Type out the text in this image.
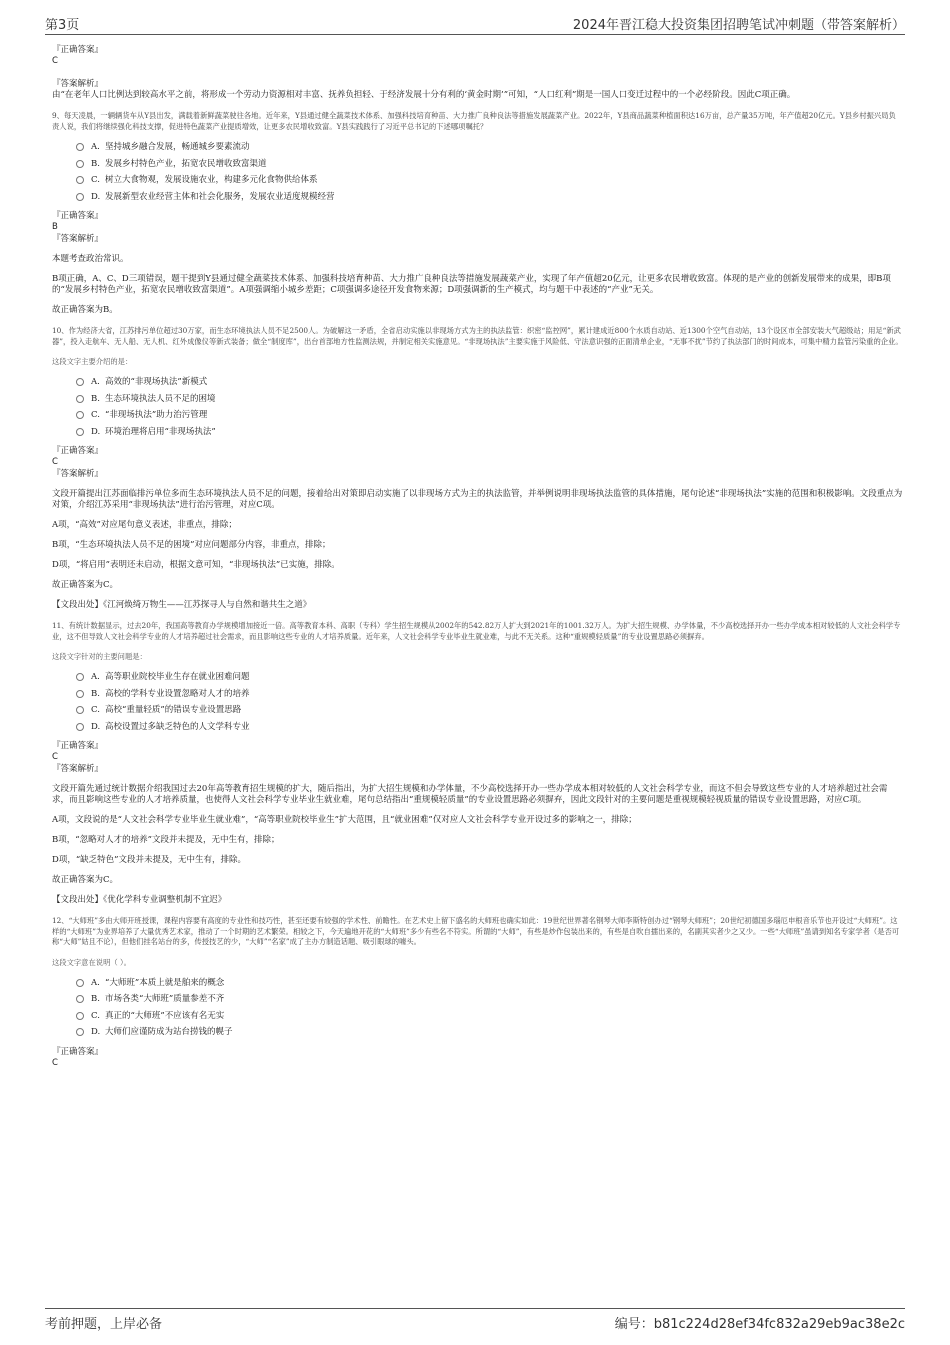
第3页	2024年晋江稳大投资集团招聘笔试冲刺题（带答案解析）
『正确答案』
C
『答案解析』
由“在老年人口比例达到较高水平之前，将形成一个劳动力资源相对丰富、抚养负担轻、于经济发展十分有利的‘黄金时期’”可知，“人口红利”期是一国人口变迁过程中的一个必经阶段。因此C项正确。
9、每天凌晨，一辆辆货车从Y县出发，满载着新鲜蔬菜驶往各地。近年来，Y县通过健全蔬菜技术体系、加强科技培育种苗、大力推广良种良法等措施发展蔬菜产业。2022年，Y县商品蔬菜种植面积达16万亩，总产量35万吨，年产值超20亿元。Y县乡村振兴局负责人说，我们将继续强化科技支撑，促进特色蔬菜产业提质增效，让更多农民增收致富。Y县实践践行了习近平总书记的下述哪项嘱托？
A. 坚持城乡融合发展，畅通城乡要素流动
B. 发展乡村特色产业，拓宽农民增收致富渠道
C. 树立大食物观，发展设施农业，构建多元化食物供给体系
D. 发展新型农业经营主体和社会化服务，发展农业适度规模经营
『正确答案』
B
『答案解析』
本题考查政治常识。
B项正确，A、C、D三项错误，题干提到Y县通过健全蔬菜技术体系、加强科技培育种苗、大力推广良种良法等措施发展蔬菜产业，实现了年产值超20亿元，让更多农民增收致富。体现的是产业的创新发展带来的成果，即B项的“发展乡村特色产业，拓宽农民增收致富渠道”。A项强调缩小城乡差距；C项强调多途径开发食物来源；D项强调新的生产模式，均与题干中表述的“产业”无关。
故正确答案为B。
10、作为经济大省，江苏排污单位超过30万家，而生态环境执法人员不足2500人。为破解这一矛盾，全省启动实施以非现场方式为主的执法监管：织密“监控网”，累计建成近800个水质自动站、近1300个空气自动站，13个设区市全部安装大气超级站；用足“新武器”，投入走航车、无人船、无人机、红外成像仪等新式装备；做全“制度库”，出台首部地方性监测法规，并制定相关实施意见。“非现场执法”主要实施于风险低、守法意识强的正面清单企业，“无事不扰”节约了执法部门的时间成本，可集中精力监管污染重的企业。
这段文字主要介绍的是：
A. 高效的“非现场执法”新模式
B. 生态环境执法人员不足的困境
C. “非现场执法”助力治污管理
D. 环境治理将启用“非现场执法”
『正确答案』
C
『答案解析』
文段开篇提出江苏面临排污单位多而生态环境执法人员不足的问题，接着给出对策即启动实施了以非现场方式为主的执法监管，并举例说明非现场执法监管的具体措施，尾句论述“非现场执法”实施的范围和积极影响。文段重点为对策，介绍江苏采用“非现场执法”进行治污管理，对应C项。
A项，“高效”对应尾句意义表述，非重点，排除；
B项，“生态环境执法人员不足的困境”对应问题部分内容，非重点，排除；
D项，“将启用”表明还未启动，根据文意可知，“非现场执法”已实施，排除。
故正确答案为C。
【文段出处】《江河焕绮万物生——江苏探寻人与自然和谐共生之道》
11、有统计数据显示，过去20年，我国高等教育办学规模增加接近一倍。高等教育本科、高职（专科）学生招生规模从2002年的542.82万人扩大到2021年的1001.32万人。为扩大招生规模、办学体量，不少高校选择开办一些办学成本相对较低的人文社会科学专业，这不但导致人文社会科学专业的人才培养超过社会需求，而且影响这些专业的人才培养质量。近年来，人文社会科学专业毕业生就业难，与此不无关系。这种“重规模轻质量”的专业设置思路必须摒弃。
这段文字针对的主要问题是：
A. 高等职业院校毕业生存在就业困难问题
B. 高校的学科专业设置忽略对人才的培养
C. 高校“重量轻质”的错误专业设置思路
D. 高校设置过多缺乏特色的人文学科专业
『正确答案』
C
『答案解析』
文段开篇先通过统计数据介绍我国过去20年高等教育招生规模的扩大，随后指出，为扩大招生规模和办学体量，不少高校选择开办一些办学成本相对较低的人文社会科学专业，而这不但会导致这些专业的人才培养超过社会需求，而且影响这些专业的人才培养质量，也使得人文社会科学专业毕业生就业难，尾句总结指出“重规模轻质量”的专业设置思路必须摒弃，因此文段针对的主要问题是重视规模轻视质量的错误专业设置思路，对应C项。
A项，文段说的是“人文社会科学专业毕业生就业难”，“高等职业院校毕业生”扩大范围，且“就业困难”仅对应人文社会科学专业开设过多的影响之一，排除；
B项，“忽略对人才的培养”文段并未提及，无中生有，排除；
D项，“缺乏特色”文段并未提及，无中生有，排除。
故正确答案为C。
【文段出处】《优化学科专业调整机制不宜迟》
12、“大师班”多由大师开班授课，课程内容要有高度的专业性和技巧性，甚至还要有较强的学术性、前瞻性。在艺术史上留下盛名的大师班也确实如此：19世纪世界著名钢琴大师李斯特创办过“钢琴大师班”；20世纪初德国多瑙厄申根音乐节也开设过“大师班”。这样的“大师班”为业界培养了大量优秀艺术家，推动了一个时期的艺术繁荣。相较之下，今天遍地开花的“大师班”多少有些名不符实。所谓的“大师”，有些是炒作包装出来的，有些是自吹自擂出来的，名副其实者少之又少。一些“大师班”虽请到知名专家学者（是否可称“大师”姑且不论），但他们挂名站台的多，传授技艺的少，“大师”“名家”成了主办方制造话题、吸引眼球的噱头。
这段文字意在说明（ ）。
A. “大师班”本质上就是舶来的概念
B. 市场各类“大师班”质量参差不齐
C. 真正的“大师班”不应该有名无实
D. 大师们应谨防成为站台捞钱的幌子
『正确答案』
C
考前押题，上岸必备	编号：b81c224d28ef34fc832a29eb9ac38e2c
